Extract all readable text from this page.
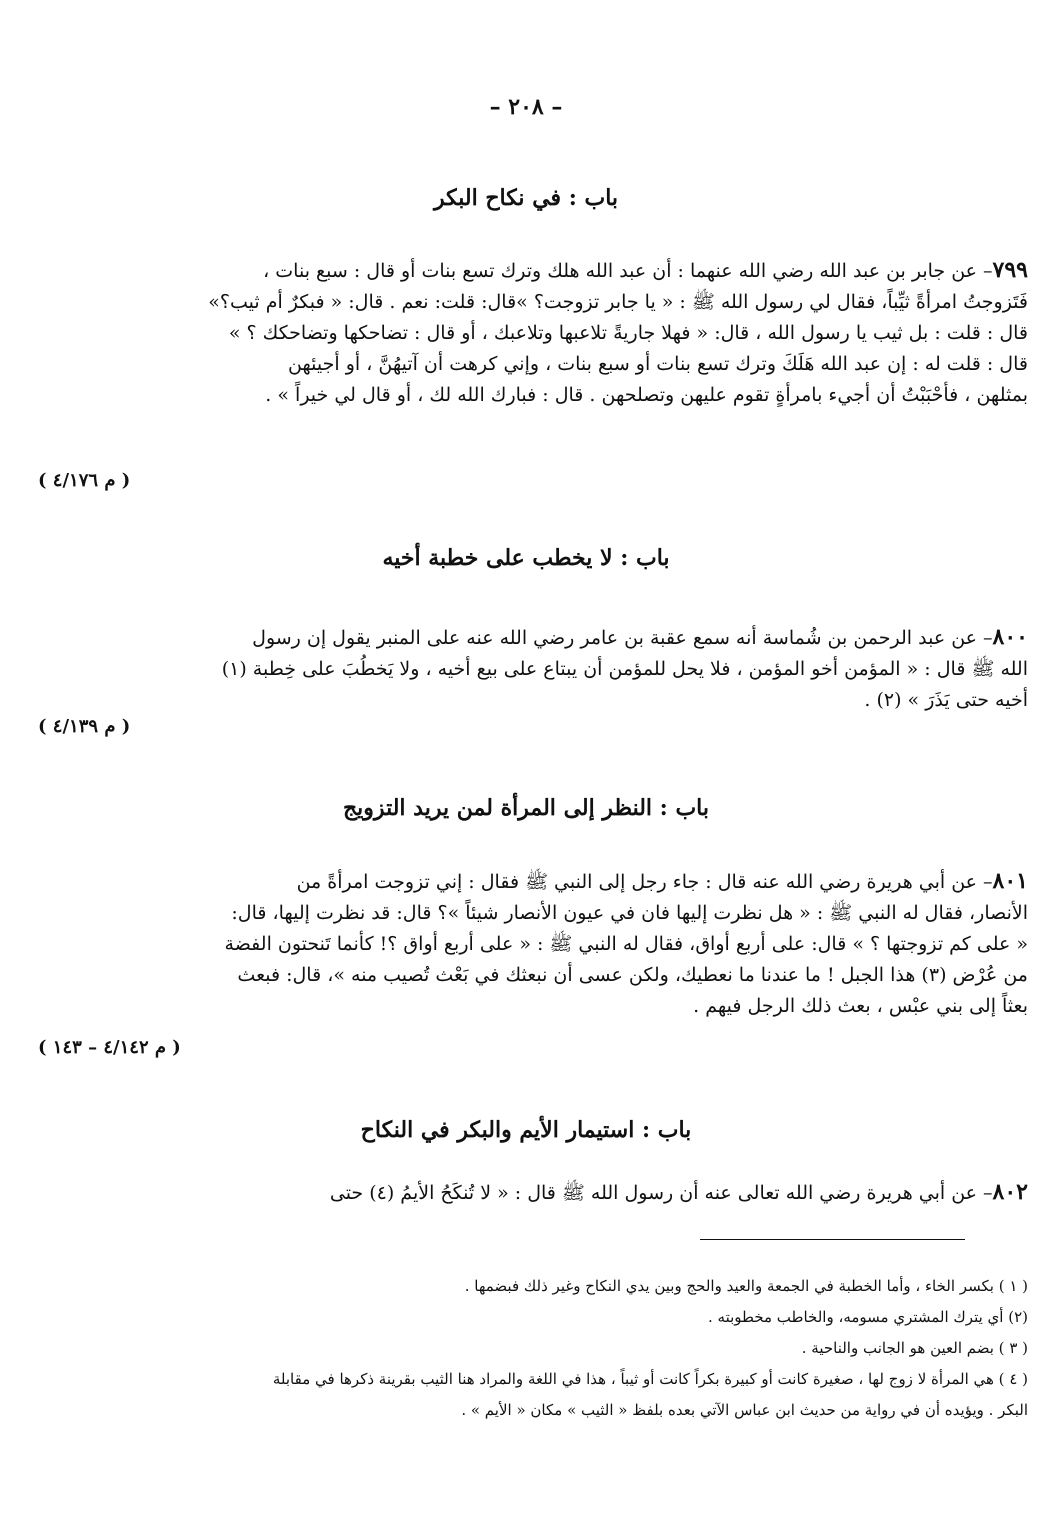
– ٢٠٨ –
باب : في نكاح البكر

٧٩٩– عن جابر بن عبد الله رضي الله عنهما : أن عبد الله هلك وترك تسع بنات أو قال : سبع بنات ،

فَتَزوجتُ امرأةً ثيِّباً، فقال لي رسول الله ﷺ : « يا جابر تزوجت؟ »قال: قلت: نعم . قال: « فبكرٌ أم ثيب؟»

قال : قلت : بل ثيب يا رسول الله ، قال: « فهلا جاريةً تلاعبها وتلاعبك ، أو قال : تضاحكها وتضاحكك ؟ »

قال : قلت له : إن عبد الله هَلَكَ وترك تسع بنات أو سبع بنات ، وإني كرهت أن آتيهُنَّ ، أو أجيئهن

بمثلهن ، فأحْبَبْتُ أن أجيء بامرأةٍ تقوم عليهن وتصلحهن . قال : فبارك الله لك ، أو قال لي خيراً » .

( م ٤/١٧٦ )
باب : لا يخطب على خطبة أخيه

٨٠٠– عن عبد الرحمن بن شُماسة أنه سمع عقبة بن عامر رضي الله عنه على المنبر يقول إن رسول

الله ﷺ قال : « المؤمن أخو المؤمن ، فلا يحل للمؤمن أن يبتاع على بيع أخيه ، ولا يَخطُبَ على خِطبة (١)

أخيه حتى يَذَرَ » (٢) .

( م ٤/١٣٩ )
باب : النظر إلى المرأة لمن يريد التزويج

٨٠١– عن أبي هريرة رضي الله عنه قال : جاء رجل إلى النبي ﷺ فقال : إني تزوجت امرأةً من

الأنصار، فقال له النبي ﷺ : « هل نظرت إليها فان في عيون الأنصار شيئاً »؟ قال: قد نظرت إليها، قال:

« على كم تزوجتها ؟ » قال: على أربع أواق، فقال له النبي ﷺ : « على أربع أواق ؟! كأنما تَنحتون الفضة

من عُرْض (٣) هذا الجبل ! ما عندنا ما نعطيك، ولكن عسى أن نبعثك في بَعْث تُصيب منه »، قال: فبعث

بعثاً إلى بني عبْس ، بعث ذلك الرجل فيهم .

( م ٤/١٤٢ – ١٤٣ )
باب : استيمار الأيم والبكر في النكاح

٨٠٢– عن أبي هريرة رضي الله تعالى عنه أن رسول الله ﷺ قال : « لا تُنكَحُ الأيمُ (٤) حتى

( ١ ) بكسر الخاء ، وأما الخطبة في الجمعة والعيد والحج وبين يدي النكاح وغير ذلك فبضمها .

(٢) أي يترك المشتري مسومه، والخاطب مخطوبته .

( ٣ ) بضم العين هو الجانب والناحية .

( ٤ ) هي المرأة لا زوج لها ، صغيرة كانت أو كبيرة بكراً كانت أو ثيباً ، هذا في اللغة والمراد هنا الثيب بقرينة ذكرها في مقابلة

البكر . ويؤيده أن في رواية من حديث ابن عباس الآتي بعده بلفظ « الثيب » مكان « الأيم » .
